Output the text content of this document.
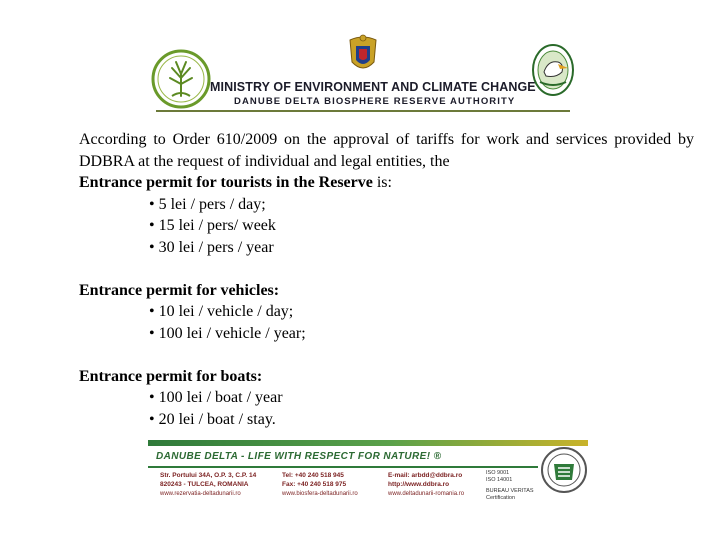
MINISTRY OF ENVIRONMENT AND CLIMATE CHANGE
DANUBE DELTA BIOSPHERE RESERVE AUTHORITY

According to Order 610/2009 on the approval of tariffs for work and services provided by DDBRA at the request of individual and legal entities, the
Entrance permit for tourists in the Reserve is:

• 5 lei / pers / day;
• 15 lei / pers/ week
• 30 lei / pers / year

Entrance permit for vehicles:

• 10 lei / vehicle / day;
• 100 lei / vehicle / year;

Entrance permit for boats:

• 100 lei / boat / year
• 20 lei / boat / stay.
DANUBE DELTA - LIFE WITH RESPECT FOR NATURE! ®
Str. Portului 34A, O.P. 3, C.P. 14
820243 - TULCEA, ROMANIA
Tel: +40 240 518 945
Fax: +40 240 518 975
E-mail: arbdd@ddbra.ro
http://www.ddbra.ro
www.rezervatia-deltadunarii.ro	www.biosfera-deltadunarii.ro	www.deltadunarii-romania.ro
ISO 9001
ISO 14001
BUREAU VERITAS
Certification
